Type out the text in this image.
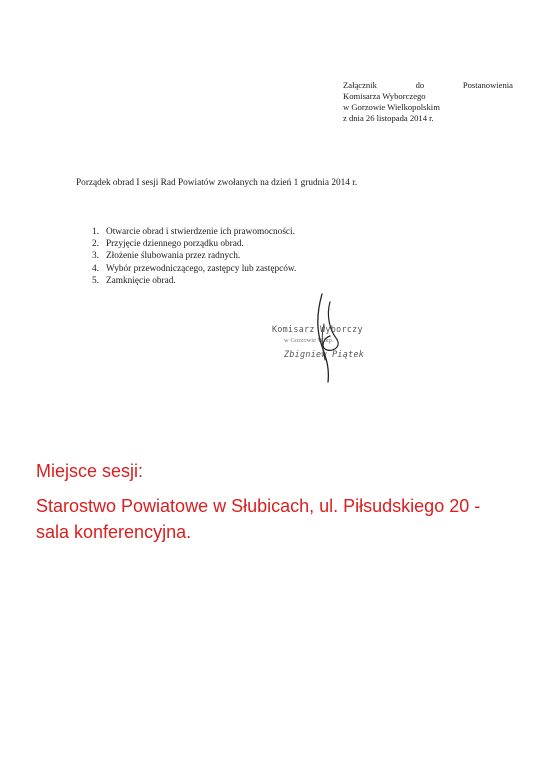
Załącznik	do	Postanowienia
Komisarza Wyborczego
w Gorzowie Wielkopolskim
z dnia 26 listopada 2014 r.
Porządek obrad I sesji Rad Powiatów zwołanych na dzień 1 grudnia 2014 r.
1. Otwarcie obrad i stwierdzenie ich prawomocności.
2. Przyjęcie dziennego porządku obrad.
3. Złożenie ślubowania przez radnych.
4. Wybór przewodniczącego, zastępcy lub zastępców.
5. Zamknięcie obrad.
Komisarz Wyborczy
w Gorzowie Wlkp.
Zbigniew Piątek
Miejsce sesji:
Starostwo Powiatowe w Słubicach, ul. Piłsudskiego 20 -
sala konferencyjna.
